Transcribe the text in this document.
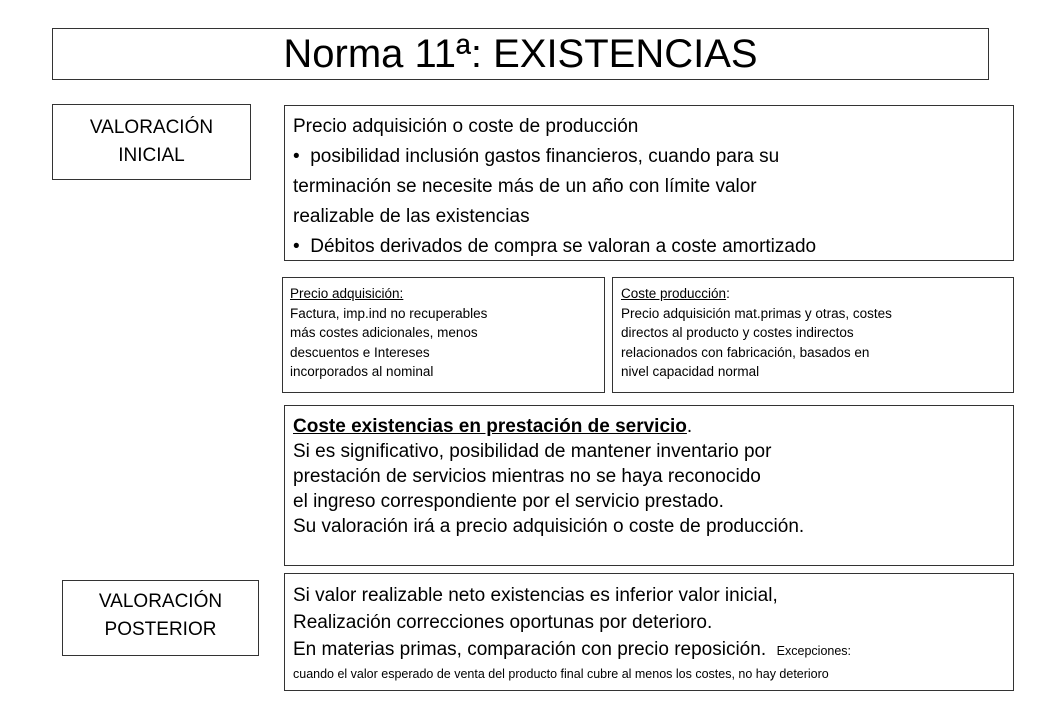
Norma 11ª: EXISTENCIAS
VALORACIÓN
INICIAL
Precio adquisición o coste de producción
•  posibilidad inclusión gastos financieros, cuando para su
terminación se necesite más de un año con límite valor
realizable de las existencias
•  Débitos derivados de compra se valoran a coste amortizado
Precio adquisición:
Factura, imp.ind no recuperables
más costes adicionales, menos
descuentos e Intereses
incorporados al nominal
Coste producción:
Precio adquisición mat.primas y otras, costes
directos al producto y costes indirectos
relacionados con fabricación, basados en
nivel capacidad normal
Coste existencias en prestación de servicio.
Si es significativo, posibilidad de mantener inventario por
prestación de servicios mientras no se haya reconocido
el ingreso correspondiente por el servicio prestado.
Su valoración irá a precio adquisición o coste de producción.
VALORACIÓN
POSTERIOR
Si valor realizable neto existencias es inferior valor inicial,
Realización correcciones oportunas por deterioro.
En materias primas, comparación con precio reposición. Excepciones:
cuando el valor esperado de venta del producto final cubre al menos los costes, no hay deterioro
